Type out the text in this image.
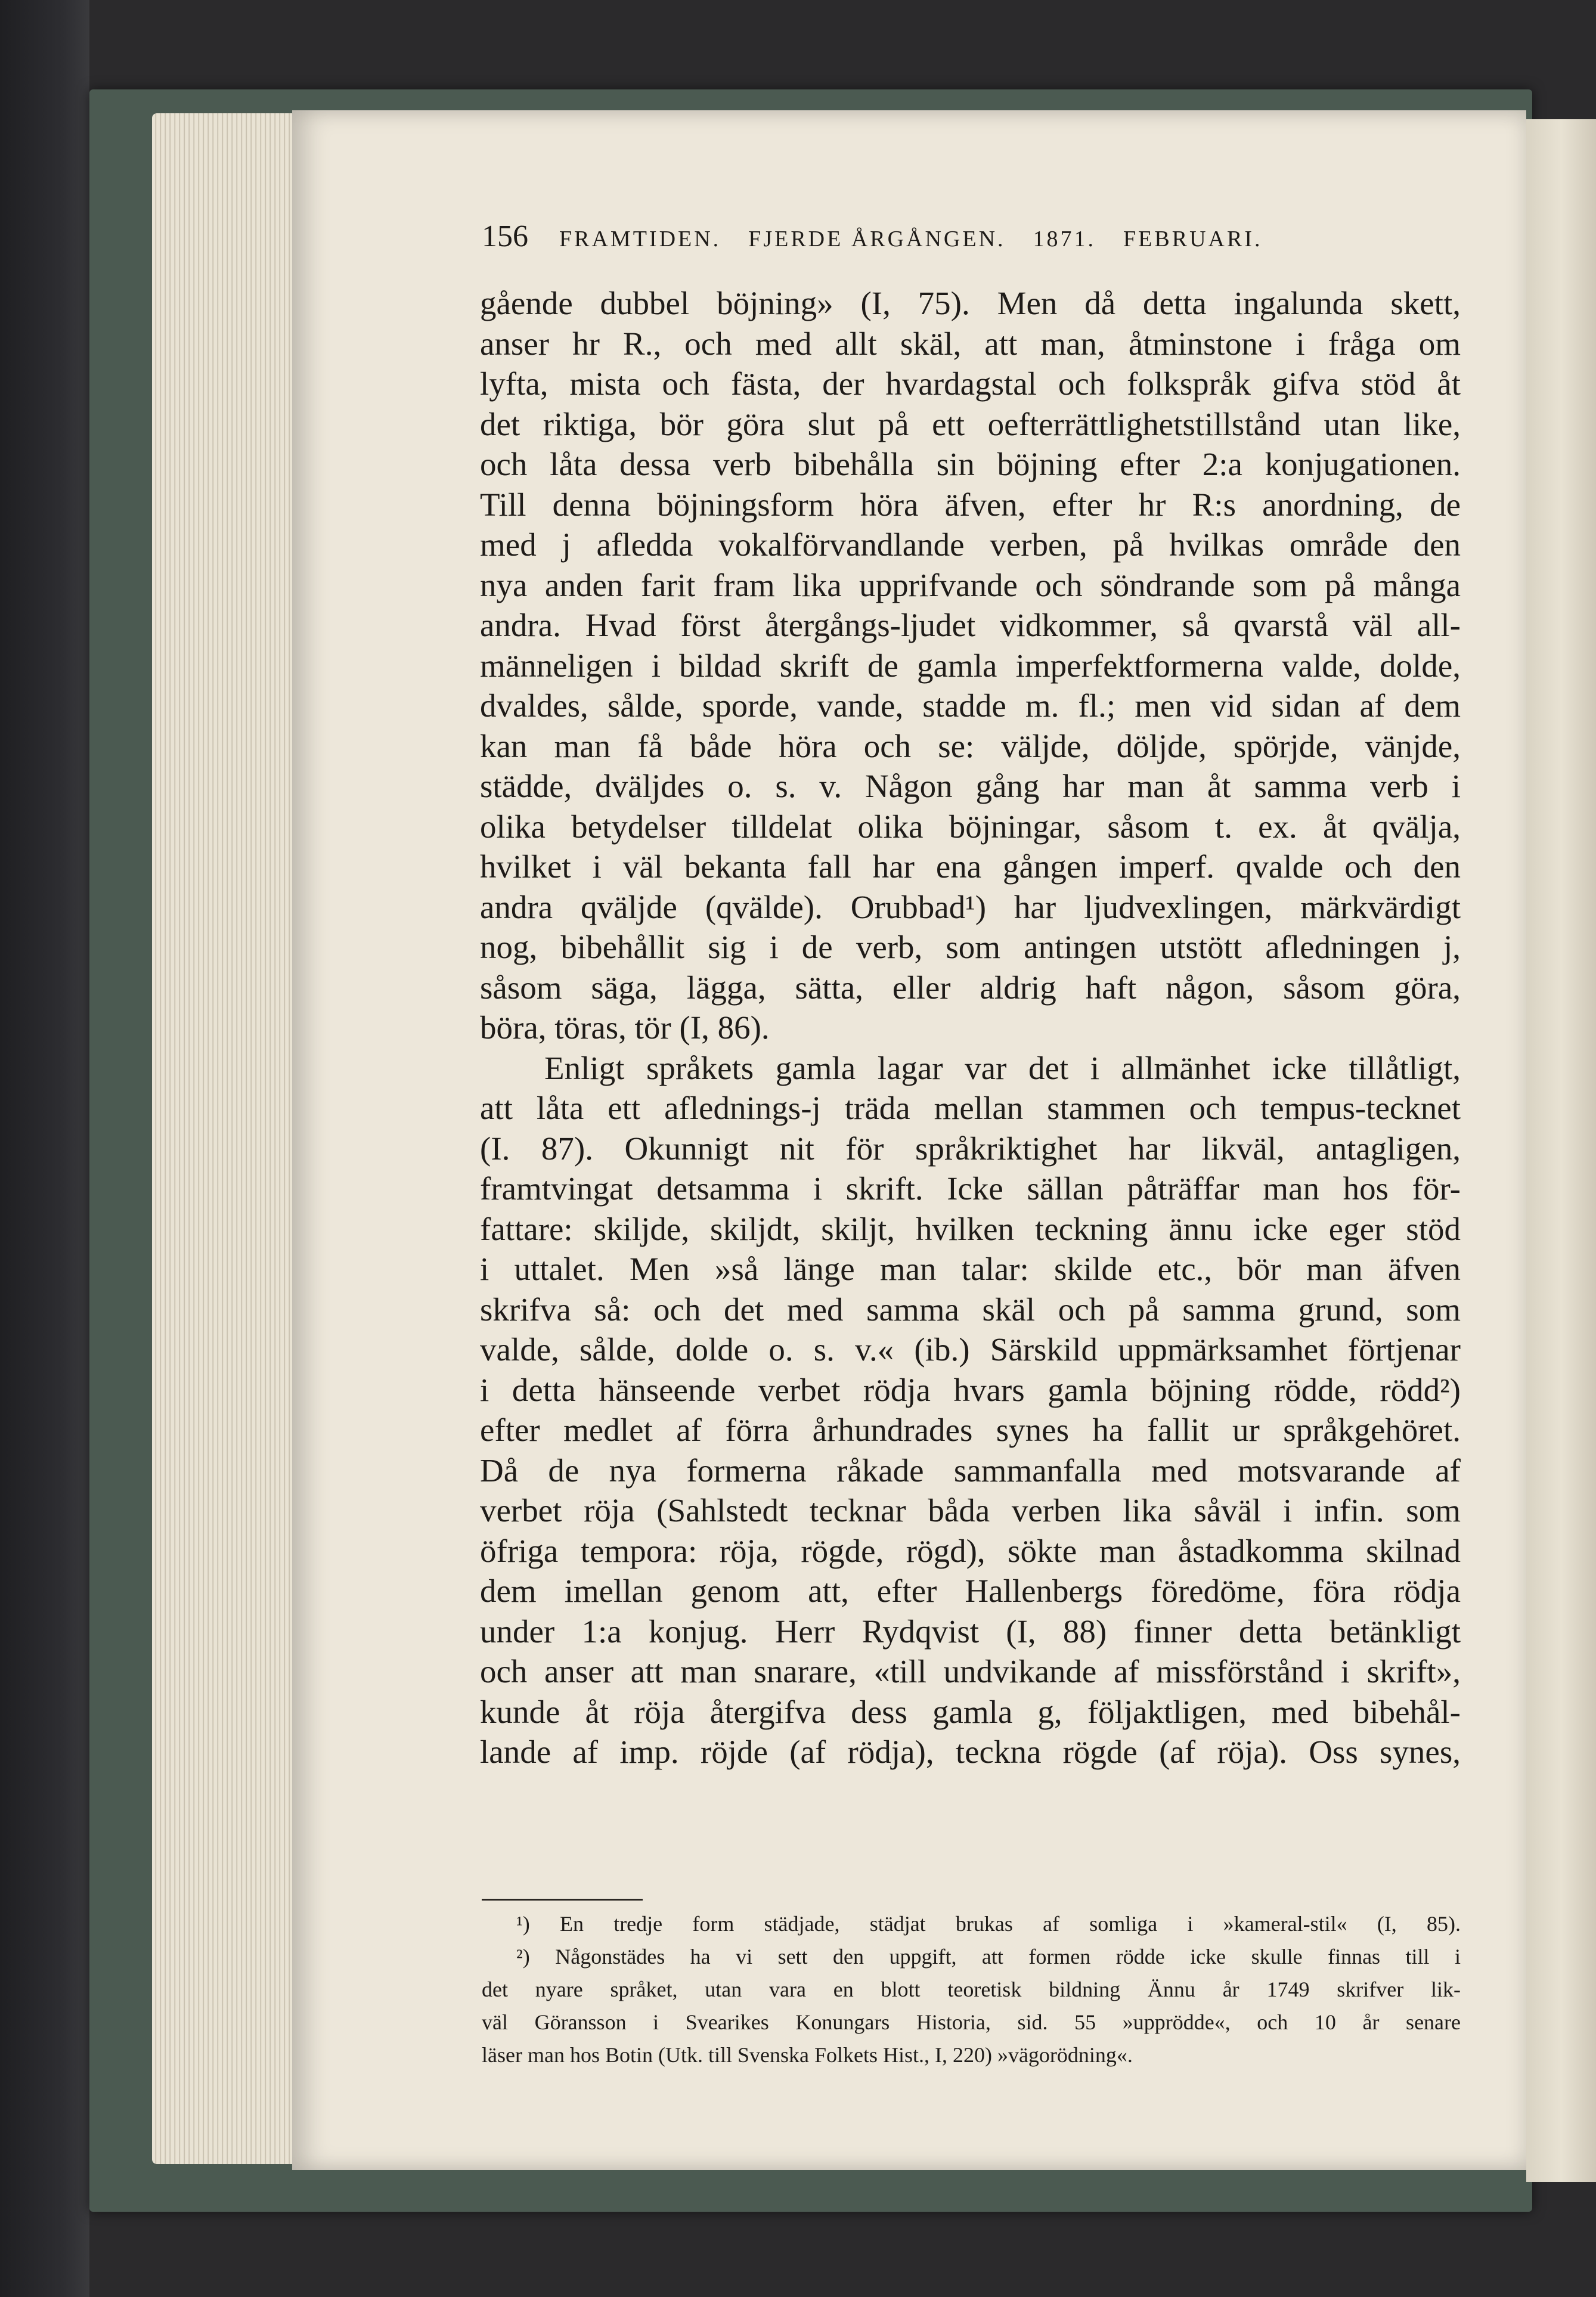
156 FRAMTIDEN. FJERDE ÅRGÅNGEN. 1871. FEBRUARI.
gående dubbel böjning» (I, 75). Men då detta ingalunda skett,
anser hr R., och med allt skäl, att man, åtminstone i fråga om
lyfta, mista och fästa, der hvardagstal och folkspråk gifva stöd åt
det riktiga, bör göra slut på ett oefterrättlighetstillstånd utan like,
och låta dessa verb bibehålla sin böjning efter 2:a konjugationen.
Till denna böjningsform höra äfven, efter hr R:s anordning, de
med j afledda vokalförvandlande verben, på hvilkas område den
nya anden farit fram lika upprifvande och söndrande som på många
andra. Hvad först återgångs-ljudet vidkommer, så qvarstå väl all-
männeligen i bildad skrift de gamla imperfektformerna valde, dolde,
dvaldes, sålde, sporde, vande, stadde m. fl.; men vid sidan af dem
kan man få både höra och se: väljde, döljde, spörjde, vänjde,
städde, dväljdes o. s. v. Någon gång har man åt samma verb i
olika betydelser tilldelat olika böjningar, såsom t. ex. åt qvälja,
hvilket i väl bekanta fall har ena gången imperf. qvalde och den
andra qväljde (qvälde). Orubbad¹) har ljudvexlingen, märkvärdigt
nog, bibehållit sig i de verb, som antingen utstött afledningen j,
såsom säga, lägga, sätta, eller aldrig haft någon, såsom göra,
böra, töras, tör (I, 86).
Enligt språkets gamla lagar var det i allmänhet icke tillåtligt,
att låta ett aflednings-j träda mellan stammen och tempus-tecknet
(I. 87). Okunnigt nit för språkriktighet har likväl, antagligen,
framtvingat detsamma i skrift. Icke sällan påträffar man hos för-
fattare: skiljde, skiljdt, skiljt, hvilken teckning ännu icke eger stöd
i uttalet. Men »så länge man talar: skilde etc., bör man äfven
skrifva så: och det med samma skäl och på samma grund, som
valde, sålde, dolde o. s. v.« (ib.) Särskild uppmärksamhet förtjenar
i detta hänseende verbet rödja hvars gamla böjning rödde, rödd²)
efter medlet af förra århundrades synes ha fallit ur språkgehöret.
Då de nya formerna råkade sammanfalla med motsvarande af
verbet röja (Sahlstedt tecknar båda verben lika såväl i infin. som
öfriga tempora: röja, rögde, rögd), sökte man åstadkomma skilnad
dem imellan genom att, efter Hallenbergs föredöme, föra rödja
under 1:a konjug. Herr Rydqvist (I, 88) finner detta betänkligt
och anser att man snarare, «till undvikande af missförstånd i skrift»,
kunde åt röja återgifva dess gamla g, följaktligen, med bibehål-
lande af imp. röjde (af rödja), teckna rögde (af röja). Oss synes,
¹) En tredje form städjade, städjat brukas af somliga i »kameral-stil« (I, 85).
²) Någonstädes ha vi sett den uppgift, att formen rödde icke skulle finnas till i
det nyare språket, utan vara en blott teoretisk bildning Ännu år 1749 skrifver lik-
väl Göransson i Svearikes Konungars Historia, sid. 55 »upprödde«, och 10 år senare
läser man hos Botin (Utk. till Svenska Folkets Hist., I, 220) »vägorödning«.
